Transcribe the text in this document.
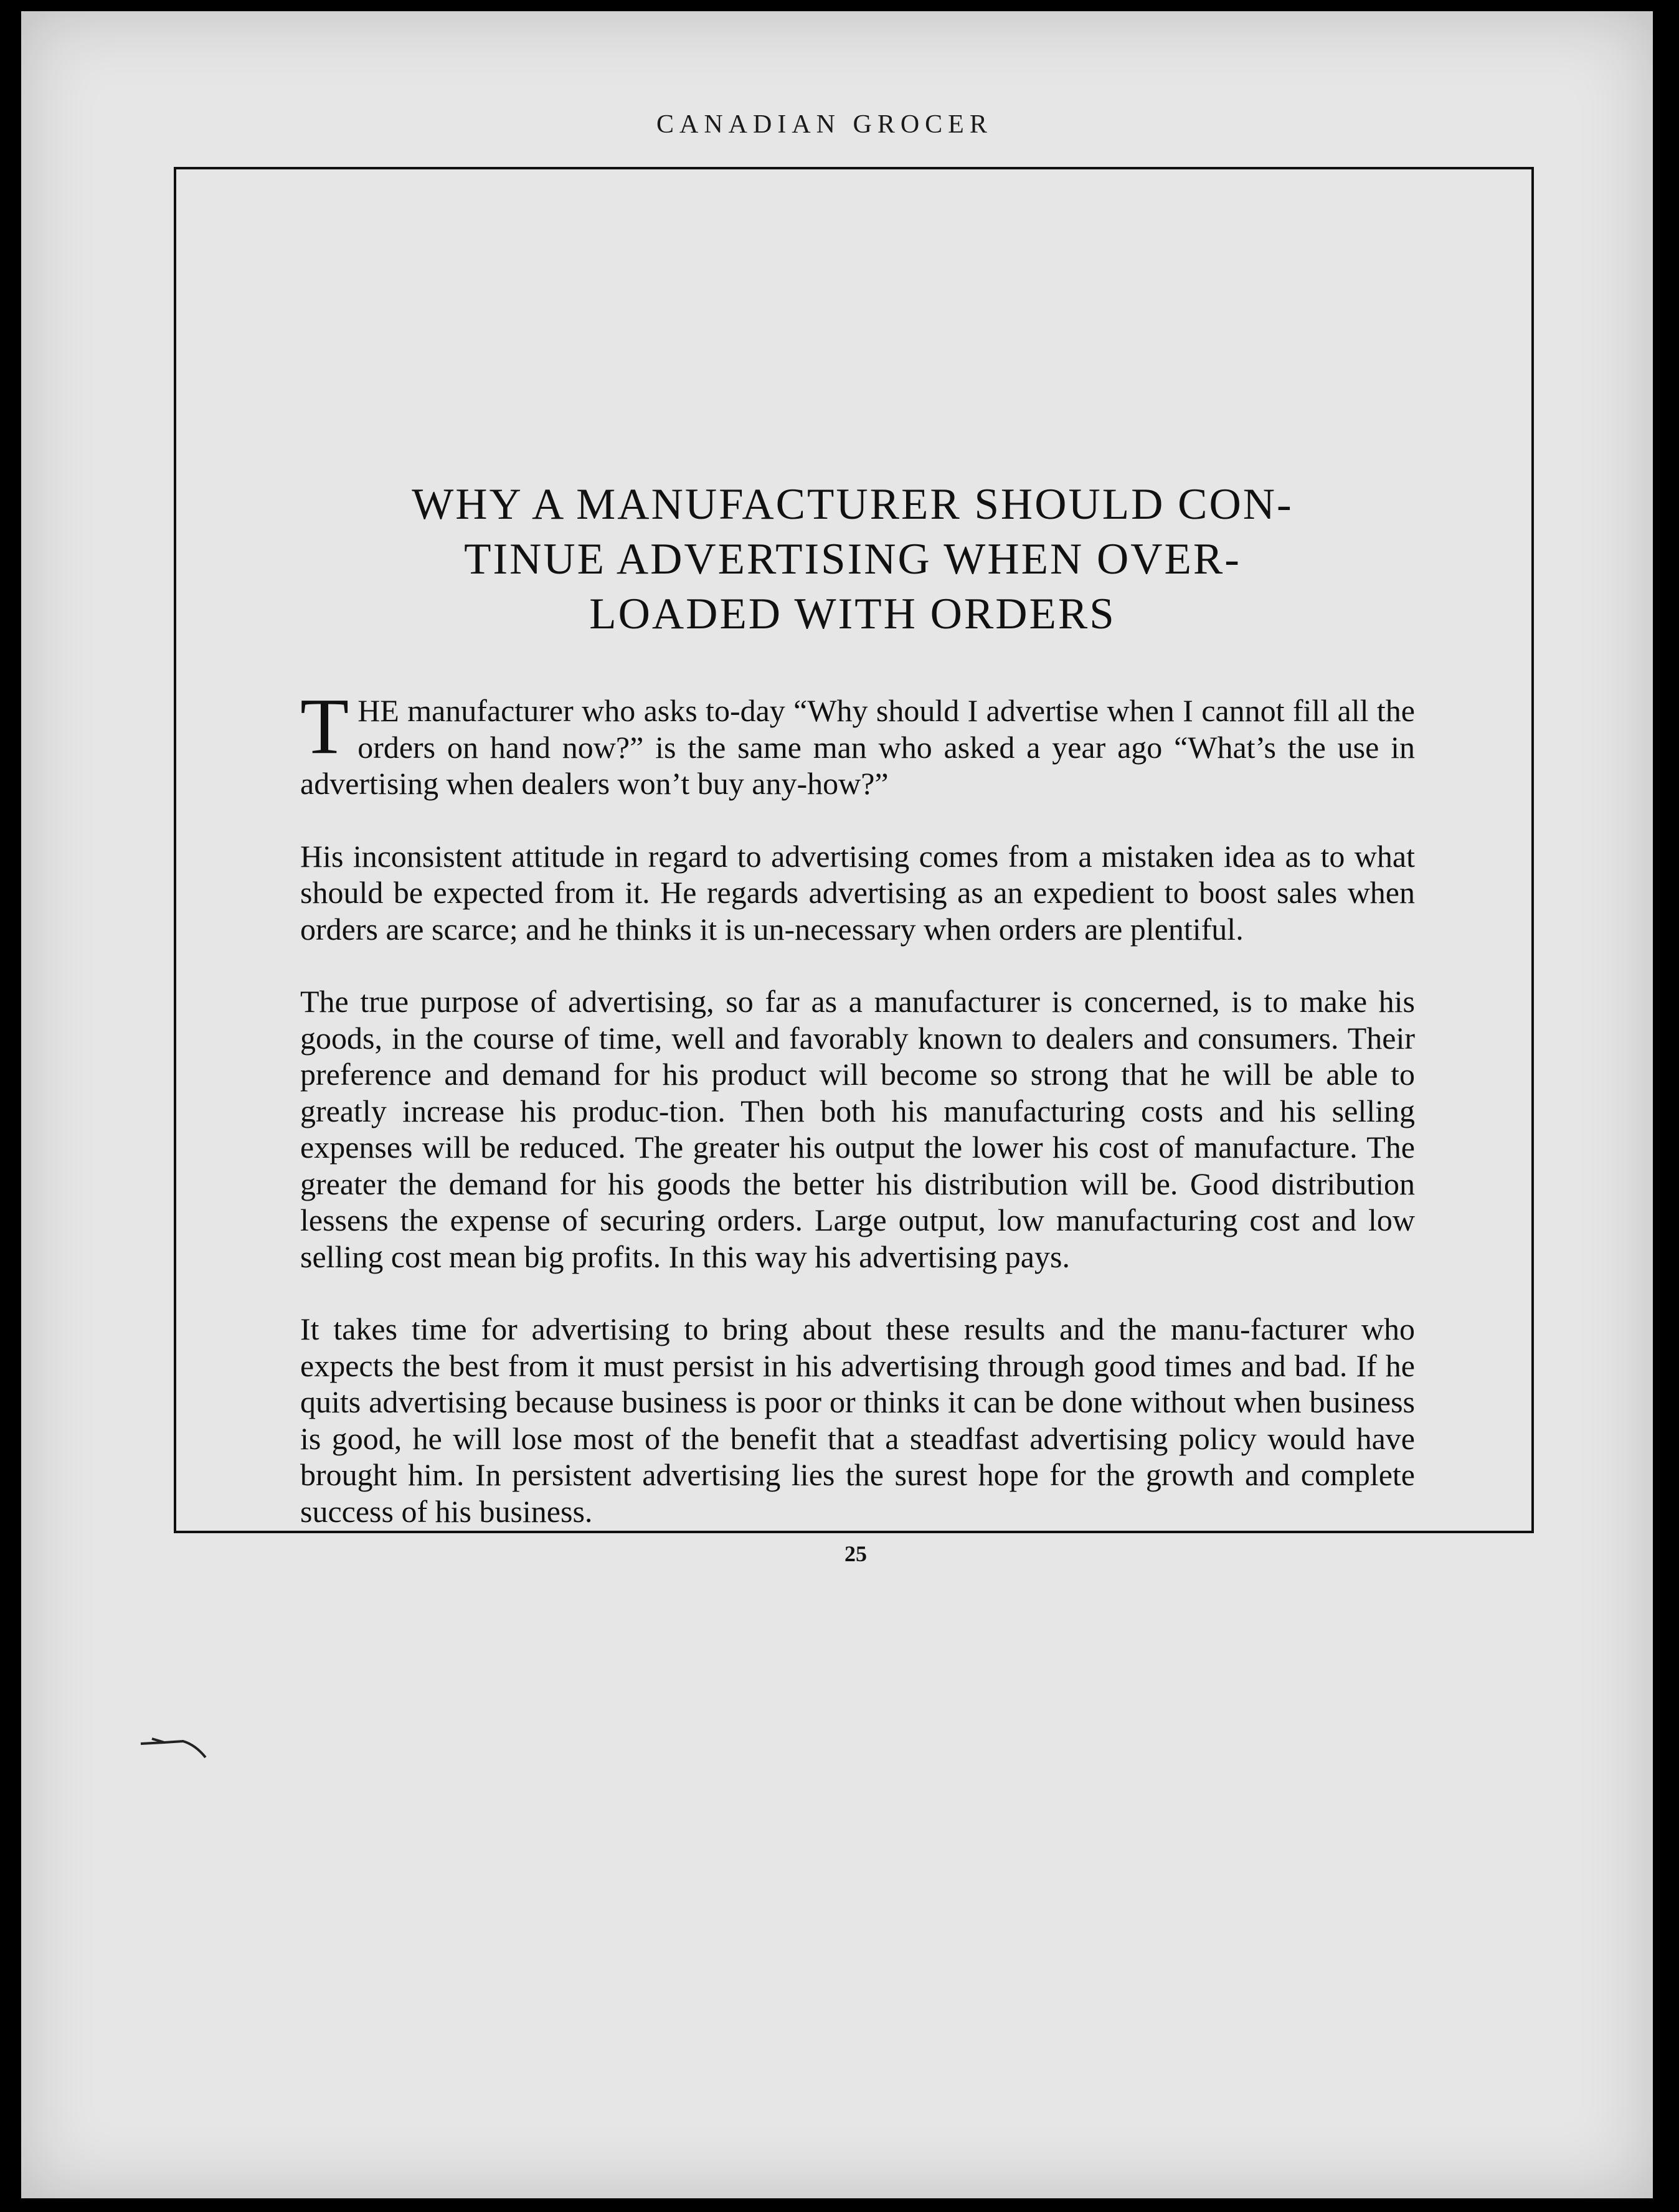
CANADIAN GROCER
WHY A MANUFACTURER SHOULD CON-
TINUE ADVERTISING WHEN OVER-
LOADED WITH ORDERS

THE manufacturer who asks to-day “Why should I advertise when I cannot fill all the orders on hand now?” is the same man who asked a year ago “What’s the use in advertising when dealers won’t buy any-how?”

His inconsistent attitude in regard to advertising comes from a mistaken idea as to what should be expected from it. He regards advertising as an expedient to boost sales when orders are scarce; and he thinks it is un-necessary when orders are plentiful.

The true purpose of advertising, so far as a manufacturer is concerned, is to make his goods, in the course of time, well and favorably known to dealers and consumers. Their preference and demand for his product will become so strong that he will be able to greatly increase his produc-tion. Then both his manufacturing costs and his selling expenses will be reduced. The greater his output the lower his cost of manufacture. The greater the demand for his goods the better his distribution will be. Good distribution lessens the expense of securing orders. Large output, low manufacturing cost and low selling cost mean big profits. In this way his advertising pays.

It takes time for advertising to bring about these results and the manu-facturer who expects the best from it must persist in his advertising through good times and bad. If he quits advertising because business is poor or thinks it can be done without when business is good, he will lose most of the benefit that a steadfast advertising policy would have brought him. In persistent advertising lies the surest hope for the growth and complete success of his business.

25
